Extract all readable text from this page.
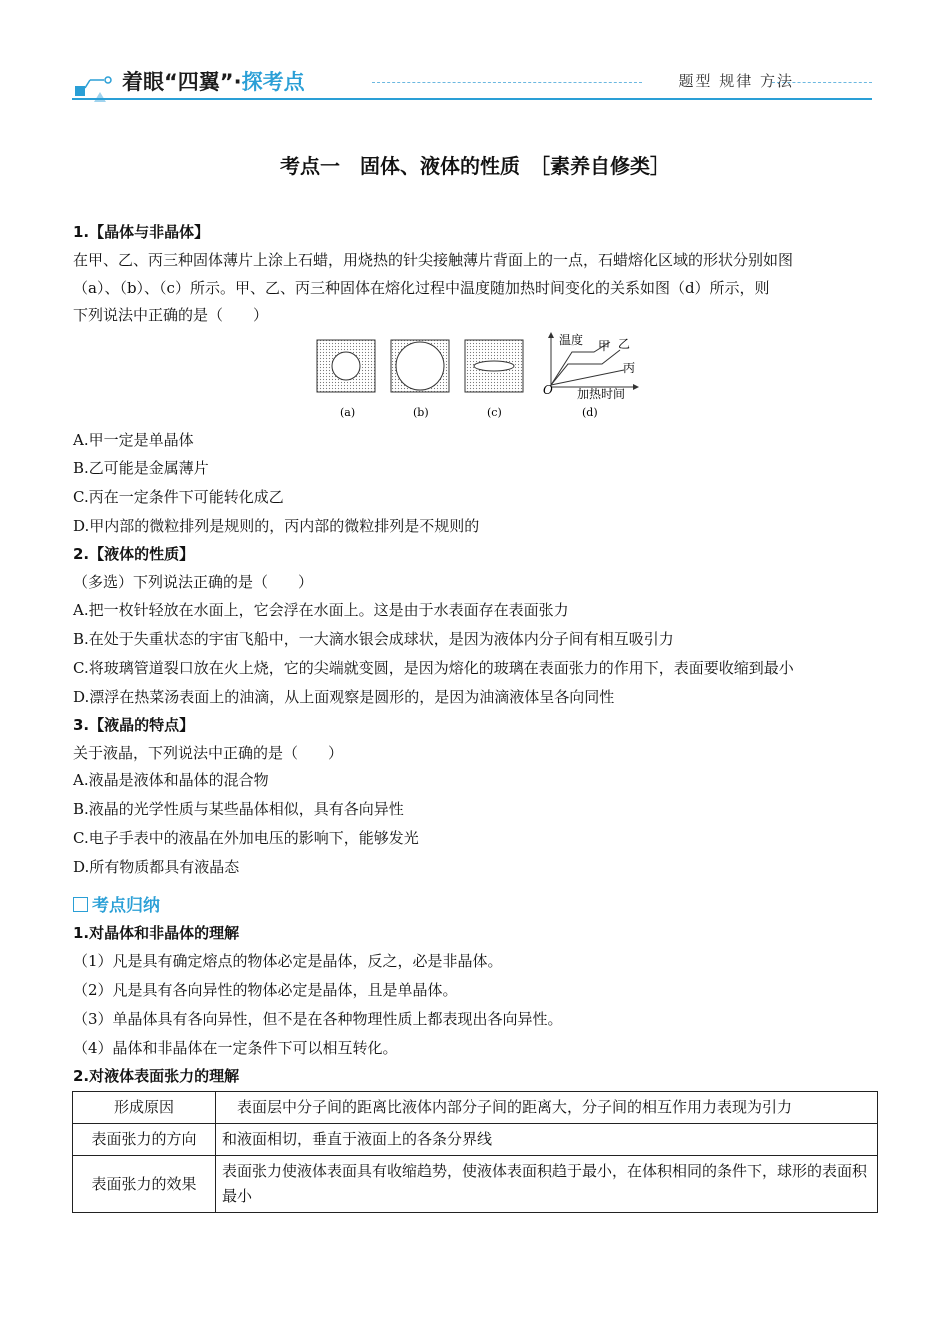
着眼“四翼”·探考点	题型 规律 方法
考点一　固体、液体的性质　［素养自修类］
1.【晶体与非晶体】
在甲、乙、丙三种固体薄片上涂上石蜡，用烧热的针尖接触薄片背面上的一点，石蜡熔化区域的形状分别如图
（a）、（b）、（c）所示。甲、乙、丙三种固体在熔化过程中温度随加热时间变化的关系如图（d）所示，则
下列说法中正确的是（　　）
温度 甲 乙
丙
O 加热时间
(a)	(b)	(c)	(d)
A.甲一定是单晶体
B.乙可能是金属薄片
C.丙在一定条件下可能转化成乙
D.甲内部的微粒排列是规则的，丙内部的微粒排列是不规则的
2.【液体的性质】
（多选）下列说法正确的是（　　）
A.把一枚针轻放在水面上，它会浮在水面上。这是由于水表面存在表面张力
B.在处于失重状态的宇宙飞船中，一大滴水银会成球状，是因为液体内分子间有相互吸引力
C.将玻璃管道裂口放在火上烧，它的尖端就变圆，是因为熔化的玻璃在表面张力的作用下，表面要收缩到最小
D.漂浮在热菜汤表面上的油滴，从上面观察是圆形的，是因为油滴液体呈各向同性
3.【液晶的特点】
关于液晶，下列说法中正确的是（　　）
A.液晶是液体和晶体的混合物
B.液晶的光学性质与某些晶体相似，具有各向异性
C.电子手表中的液晶在外加电压的影响下，能够发光
D.所有物质都具有液晶态
考点归纳
1.对晶体和非晶体的理解
（1）凡是具有确定熔点的物体必定是晶体，反之，必是非晶体。
（2）凡是具有各向异性的物体必定是晶体，且是单晶体。
（3）单晶体具有各向异性，但不是在各种物理性质上都表现出各向异性。
（4）晶体和非晶体在一定条件下可以相互转化。
2.对液体表面张力的理解
形成原因	　表面层中分子间的距离比液体内部分子间的距离大，分子间的相互作用力表现为引力
表面张力的方向	和液面相切，垂直于液面上的各条分界线
表面张力的效果	表面张力使液体表面具有收缩趋势，使液体表面积趋于最小，在体积相同的条件下，球形的表面积最小
